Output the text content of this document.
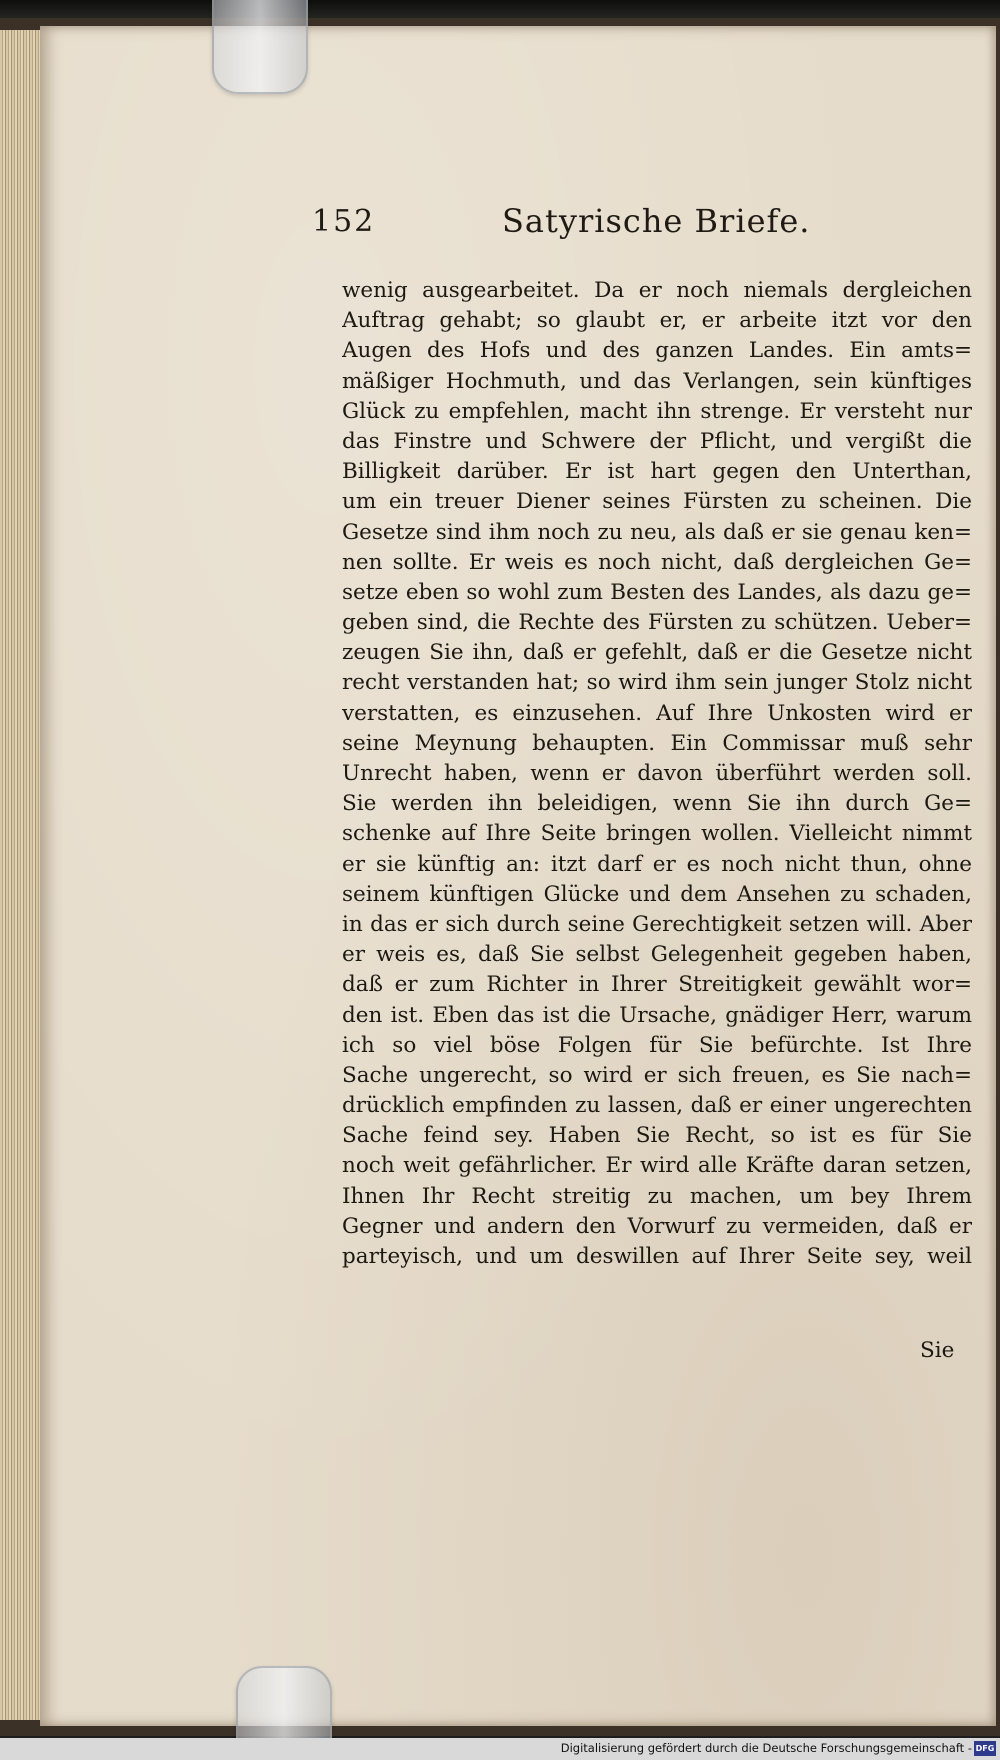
152	Satyrische Briefe.
wenig ausgearbeitet. Da er noch niemals dergleichen
Auftrag gehabt; so glaubt er, er arbeite itzt vor den
Augen des Hofs und des ganzen Landes. Ein amts=
mäßiger Hochmuth, und das Verlangen, sein künftiges
Glück zu empfehlen, macht ihn strenge. Er versteht nur
das Finstre und Schwere der Pflicht, und vergißt die
Billigkeit darüber. Er ist hart gegen den Unterthan,
um ein treuer Diener seines Fürsten zu scheinen. Die
Gesetze sind ihm noch zu neu, als daß er sie genau ken=
nen sollte. Er weis es noch nicht, daß dergleichen Ge=
setze eben so wohl zum Besten des Landes, als dazu ge=
geben sind, die Rechte des Fürsten zu schützen. Ueber=
zeugen Sie ihn, daß er gefehlt, daß er die Gesetze nicht
recht verstanden hat; so wird ihm sein junger Stolz nicht
verstatten, es einzusehen. Auf Ihre Unkosten wird er
seine Meynung behaupten. Ein Commissar muß sehr
Unrecht haben, wenn er davon überführt werden soll.
Sie werden ihn beleidigen, wenn Sie ihn durch Ge=
schenke auf Ihre Seite bringen wollen. Vielleicht nimmt
er sie künftig an: itzt darf er es noch nicht thun, ohne
seinem künftigen Glücke und dem Ansehen zu schaden,
in das er sich durch seine Gerechtigkeit setzen will. Aber
er weis es, daß Sie selbst Gelegenheit gegeben haben,
daß er zum Richter in Ihrer Streitigkeit gewählt wor=
den ist. Eben das ist die Ursache, gnädiger Herr, warum
ich so viel böse Folgen für Sie befürchte. Ist Ihre
Sache ungerecht, so wird er sich freuen, es Sie nach=
drücklich empfinden zu lassen, daß er einer ungerechten
Sache feind sey. Haben Sie Recht, so ist es für Sie
noch weit gefährlicher. Er wird alle Kräfte daran setzen,
Ihnen Ihr Recht streitig zu machen, um bey Ihrem
Gegner und andern den Vorwurf zu vermeiden, daß er
parteyisch, und um deswillen auf Ihrer Seite sey, weil
Sie
Digitalisierung gefördert durch die Deutsche Forschungsgemeinschaft - DFG
